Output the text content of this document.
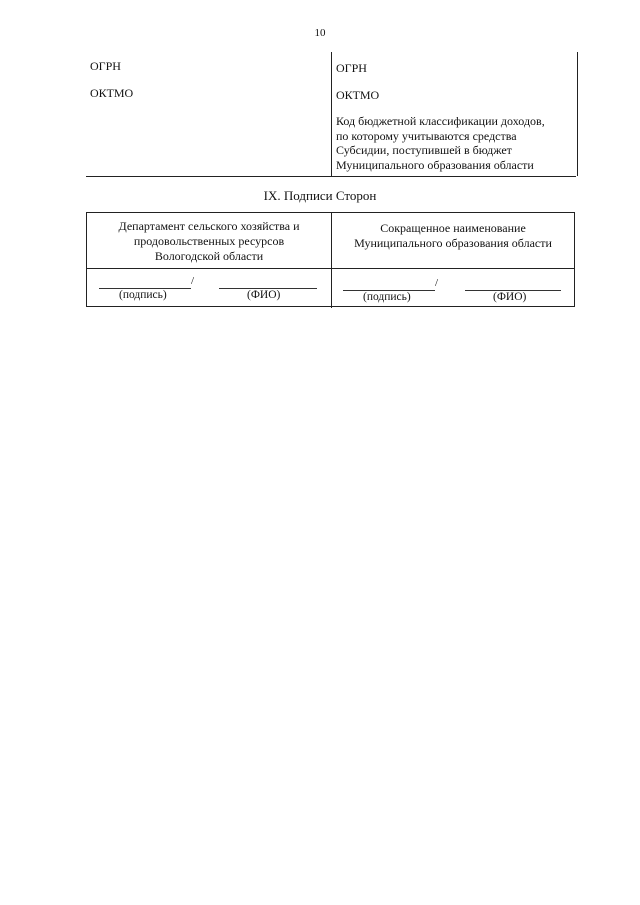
10
ОГРН
ОКТМО
ОГРН
ОКТМО
Код бюджетной классификации доходов,
по которому учитываются средства
Субсидии, поступившей в бюджет
Муниципального образования области
IX. Подписи Сторон
Департамент сельского хозяйства и
продовольственных ресурсов
Вологодской области
Сокращенное наименование
Муниципального образования области
/
(подпись)	(ФИО)
/
(подпись)	(ФИО)
